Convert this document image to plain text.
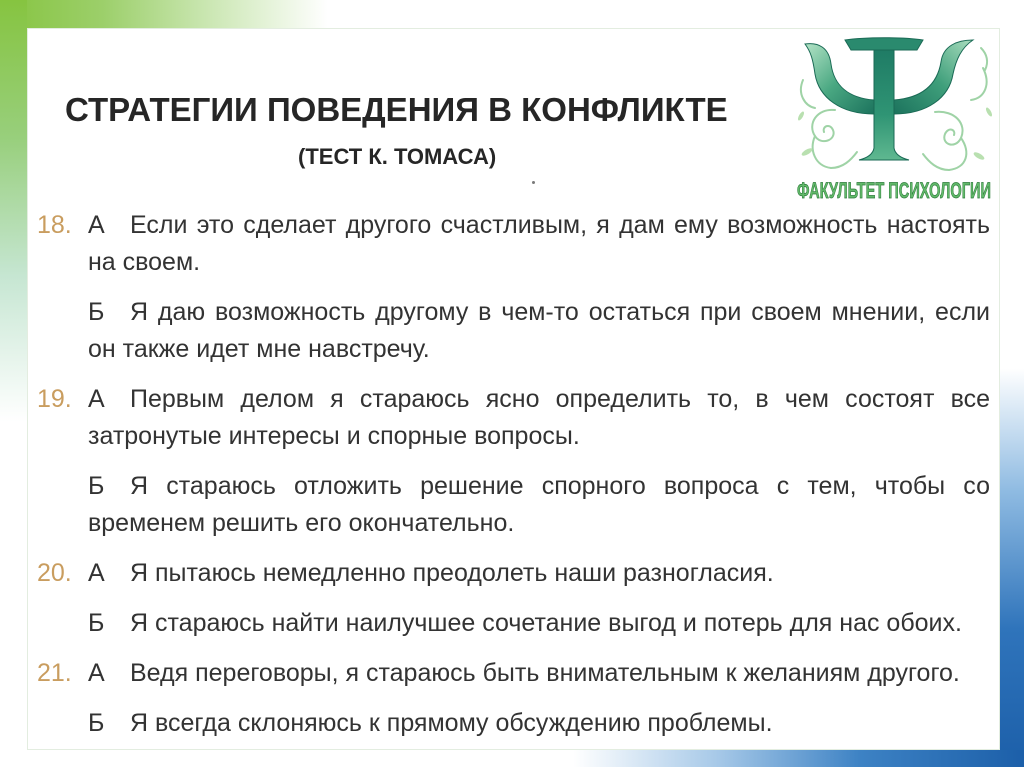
СТРАТЕГИИ ПОВЕДЕНИЯ В КОНФЛИКТЕ
(ТЕСТ К. ТОМАСА)
ФАКУЛЬТЕТ ПСИХОЛОГИИ
18. А Если это сделает другого счастливым, я дам ему возможность настоять на своем.
Б Я даю возможность другому в чем-то остаться при своем мнении, если он также идет мне навстречу.
19. А Первым делом я стараюсь ясно определить то, в чем состоят все затронутые интересы и спорные вопросы.
Б Я стараюсь отложить решение спорного вопроса с тем, чтобы со временем решить его окончательно.
20. А Я пытаюсь немедленно преодолеть наши разногласия.
Б Я стараюсь найти наилучшее сочетание выгод и потерь для нас обоих.
21. А Ведя переговоры, я стараюсь быть внимательным к желаниям другого.
Б Я всегда склоняюсь к прямому обсуждению проблемы.
